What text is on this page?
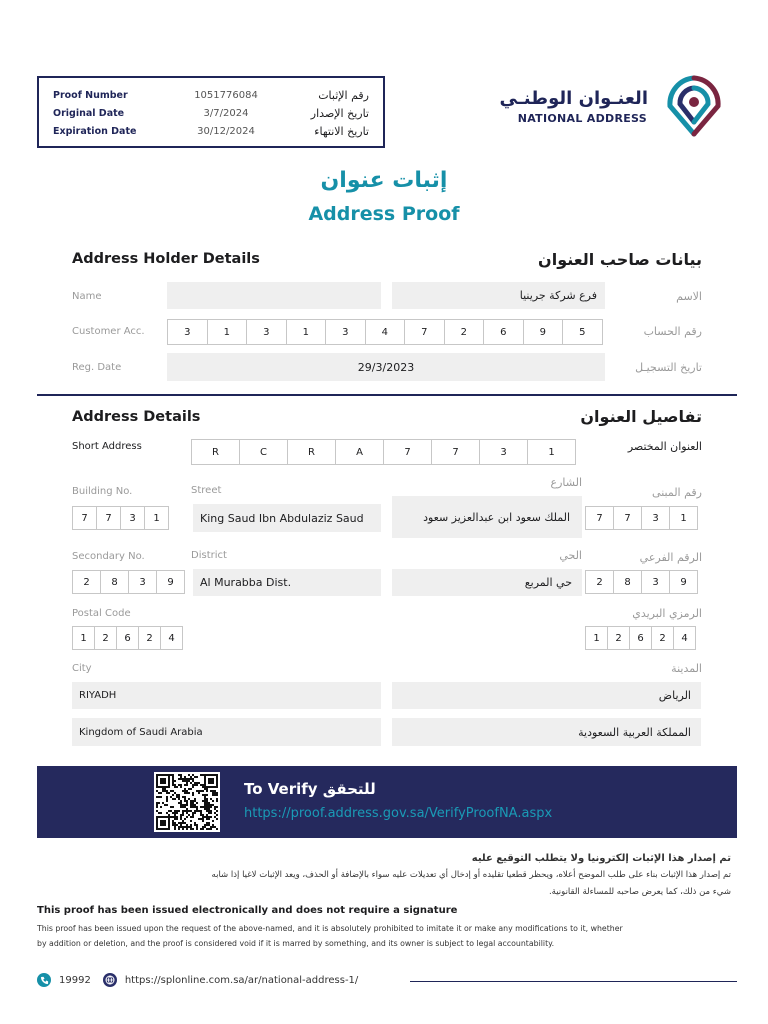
Proof Number	1051776084	رقم الإثبات
Original Date	3/7/2024	تاريخ الإصدار
Expiration Date	30/12/2024	تاريخ الانتهاء
العنـوان الوطنـي
NATIONAL ADDRESS
إثبات عنوان
Address Proof
Address Holder Details	بيانات صاحب العنوان
Name	فرع شركة جرينيا	الاسم
Customer Acc.	3	1	3	1	3	4	7	2	6	9	5	رقم الحساب
Reg. Date	29/3/2023	تاريخ التسجيـل
Address Details	تفاصيل العنوان
Short Address	R	C	R	A	7	7	3	1	العنوان المختصر
Building No.	Street
الشارع
رقم المبنى
7	7	3	1	King Saud Ibn Abdulaziz Saud	الملك سعود ابن عبدالعزيز سعود	7	7	3	1
Secondary No.	District	الحي	الرقم الفرعي
2	8	3	9	Al Murabba Dist.	حي المربع	2	8	3	9
Postal Code	الرمزي البريدي
1	2	6	2	4	1	2	6	2	4
City	المدينة
RIYADH	الرياض
Kingdom of Saudi Arabia	المملكة العربية السعودية
To Verify للتحقق
https://proof.address.gov.sa/VerifyProofNA.aspx
تم إصدار هذا الإثبات إلكترونيا ولا يتطلب التوقيع عليه
تم إصدار هذا الإثبات بناء على طلب الموضح أعلاه، ويحظر قطعيا تقليده أو إدخال أي تعديلات عليه سواء بالإضافة أو الحذف، ويعد الإثبات لاغيا إذا شابه
شيء من ذلك، كما يعرض صاحبه للمساءلة القانونية.
This proof has been issued electronically and does not require a signature
This proof has been issued upon the request of the above-named, and it is absolutely prohibited to imitate it or make any modifications to it, whether
by addition or deletion, and the proof is considered void if it is marred by something, and its owner is subject to legal accountability.
19992	https://splonline.com.sa/ar/national-address-1/
